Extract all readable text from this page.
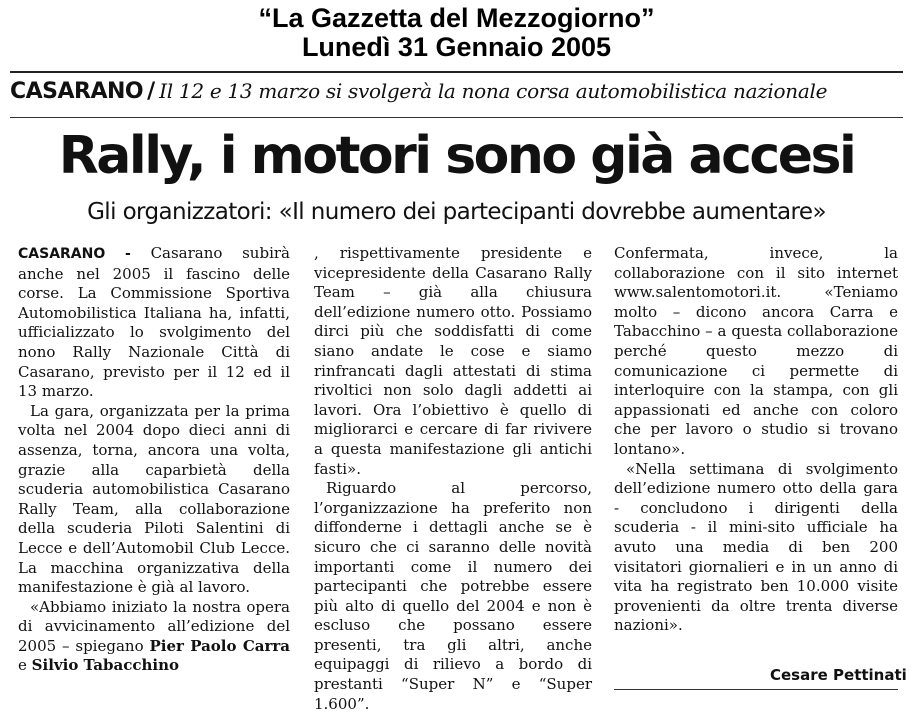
“La Gazzetta del Mezzogiorno”
Lunedì 31 Gennaio 2005
CASARANO / Il 12 e 13 marzo si svolgerà la nona corsa automobilistica nazionale
Rally, i motori sono già accesi
Gli organizzatori: «Il numero dei partecipanti dovrebbe aumentare»

CASARANO - Casarano subirà anche nel 2005 il fascino delle corse. La Commissione Sportiva Automobilistica Italiana ha, infatti, ufficializzato lo svolgimento del nono Rally Nazionale Città di Casarano, previsto per il 12 ed il 13 marzo.

La gara, organizzata per la prima volta nel 2004 dopo dieci anni di assenza, torna, ancora una volta, grazie alla caparbietà della scuderia automobilistica Casarano Rally Team, alla collaborazione della scuderia Piloti Salentini di Lecce e dell’Automobil Club Lecce. La macchina organizzativa della manifestazione è già al lavoro.

«Abbiamo iniziato la nostra opera di avvicinamento all’edizione del 2005 – spiegano Pier Paolo Carra e Silvio Tabacchino

, rispettivamente presidente e vicepresidente della Casarano Rally Team – già alla chiusura dell’edizione numero otto. Possiamo dirci più che soddisfatti di come siano andate le cose e siamo rinfrancati dagli attestati di stima rivoltici non solo dagli addetti ai lavori. Ora l’obiettivo è quello di migliorarci e cercare di far rivivere a questa manifestazione gli antichi fasti».

Riguardo al percorso, l’organizzazione ha preferito non diffonderne i dettagli anche se è sicuro che ci saranno delle novità importanti come il numero dei partecipanti che potrebbe essere più alto di quello del 2004 e non è escluso che possano essere presenti, tra gli altri, anche equipaggi di rilievo a bordo di prestanti “Super N” e “Super 1.600”.

Confermata, invece, la collaborazione con il sito internet www.salentomotori.it. «Teniamo molto – dicono ancora Carra e Tabacchino – a questa collaborazione perché questo mezzo di comunicazione ci permette di interloquire con la stampa, con gli appassionati ed anche con coloro che per lavoro o studio si trovano lontano».

«Nella settimana di svolgimento dell’edizione numero otto della gara - concludono i dirigenti della scuderia - il mini-sito ufficiale ha avuto una media di ben 200 visitatori giornalieri e in un anno di vita ha registrato ben 10.000 visite provenienti da oltre trenta diverse nazioni».

Cesare Pettinati
